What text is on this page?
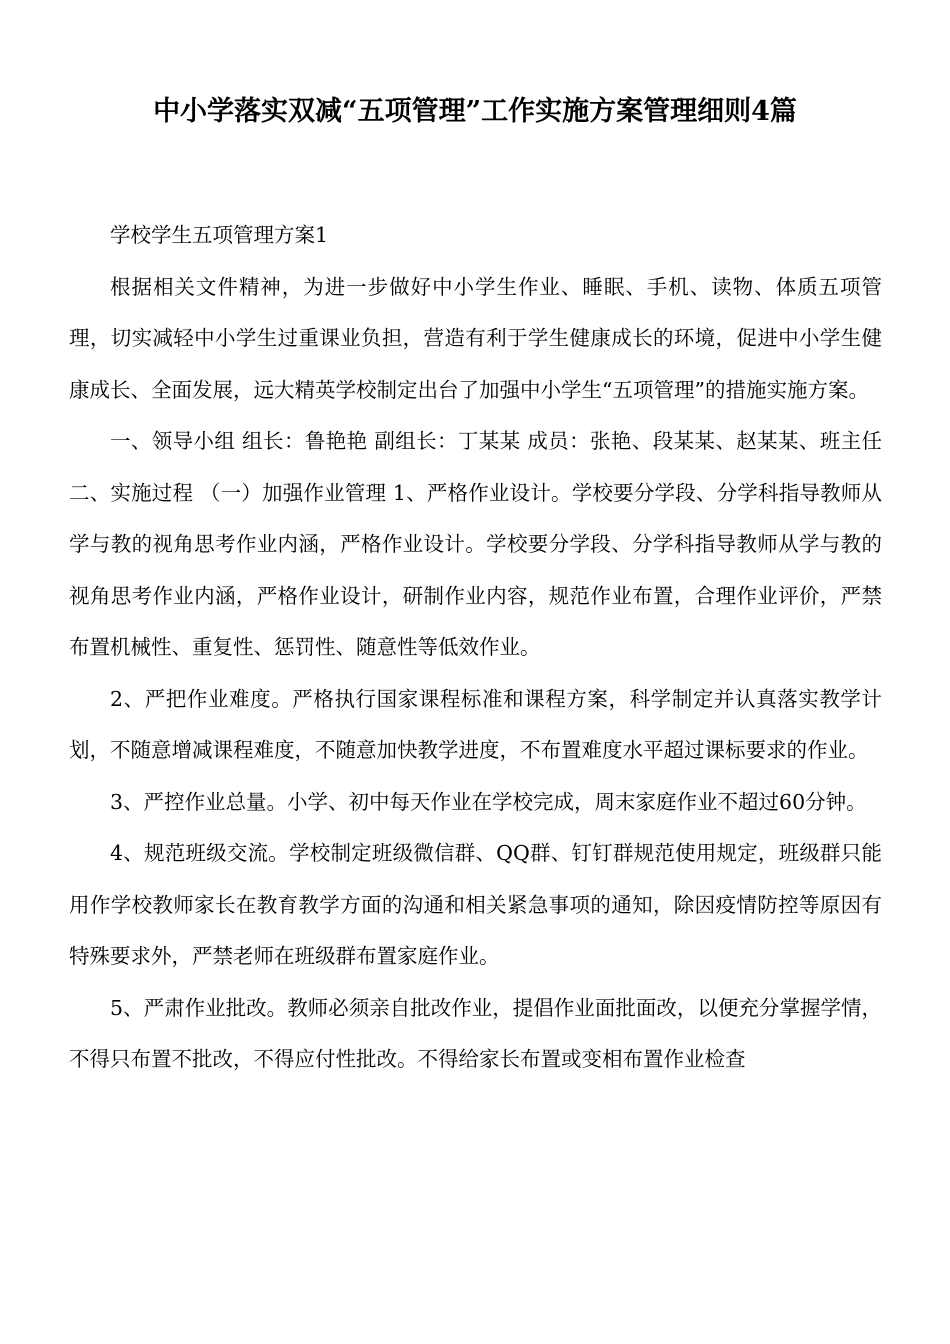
中小学落实双减“五项管理”工作实施方案管理细则4篇

学校学生五项管理方案1

根据相关文件精神，为进一步做好中小学生作业、睡眠、手机、读物、体质五项管理，切实减轻中小学生过重课业负担，营造有利于学生健康成长的环境，促进中小学生健康成长、全面发展，远大精英学校制定出台了加强中小学生“五项管理”的措施实施方案。

一、领导小组 组长：鲁艳艳 副组长：丁某某 成员：张艳、段某某、赵某某、班主任 二、实施过程 （一）加强作业管理 1、严格作业设计。学校要分学段、分学科指导教师从学与教的视角思考作业内涵，严格作业设计。学校要分学段、分学科指导教师从学与教的视角思考作业内涵，严格作业设计，研制作业内容，规范作业布置，合理作业评价，严禁布置机械性、重复性、惩罚性、随意性等低效作业。

2、严把作业难度。严格执行国家课程标准和课程方案，科学制定并认真落实教学计划，不随意增减课程难度，不随意加快教学进度，不布置难度水平超过课标要求的作业。

3、严控作业总量。小学、初中每天作业在学校完成，周末家庭作业不超过60分钟。

4、规范班级交流。学校制定班级微信群、QQ群、钉钉群规范使用规定，班级群只能用作学校教师家长在教育教学方面的沟通和相关紧急事项的通知，除因疫情防控等原因有特殊要求外，严禁老师在班级群布置家庭作业。

5、严肃作业批改。教师必须亲自批改作业，提倡作业面批面改，以便充分掌握学情，不得只布置不批改，不得应付性批改。不得给家长布置或变相布置作业检查
